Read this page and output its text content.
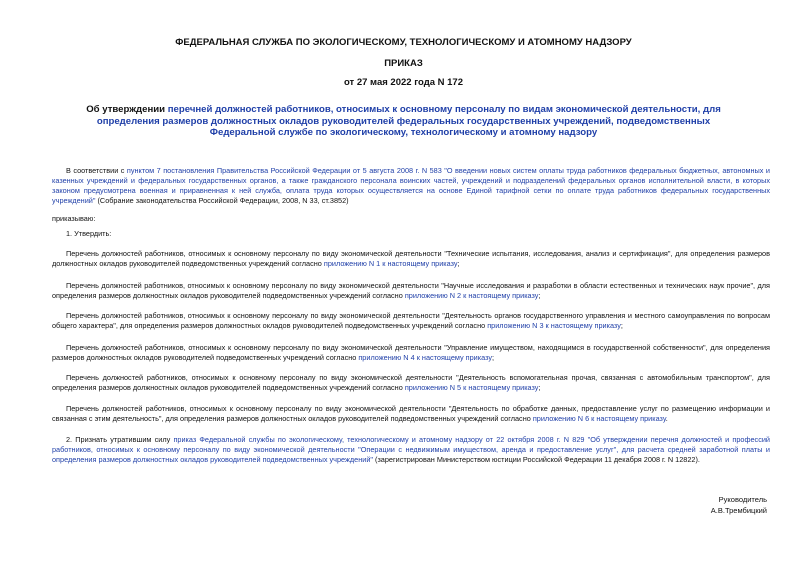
ФЕДЕРАЛЬНАЯ СЛУЖБА ПО ЭКОЛОГИЧЕСКОМУ, ТЕХНОЛОГИЧЕСКОМУ И АТОМНОМУ НАДЗОРУ
ПРИКАЗ
от 27 мая 2022 года N 172
Об утверждении перечней должностей работников, относимых к основному персоналу по видам экономической деятельности, для определения размеров должностных окладов руководителей федеральных государственных учреждений, подведомственных Федеральной службе по экологическому, технологическому и атомному надзору

В соответствии с пунктом 7 постановления Правительства Российской Федерации от 5 августа 2008 г. N 583 "О введении новых систем оплаты труда работников федеральных бюджетных, автономных и казенных учреждений и федеральных государственных органов, а также гражданского персонала воинских частей, учреждений и подразделений федеральных органов исполнительной власти, в которых законом предусмотрена военная и приравненная к ней служба, оплата труда которых осуществляется на основе Единой тарифной сетки по оплате труда работников федеральных государственных учреждений" (Собрание законодательства Российской Федерации, 2008, N 33, ст.3852)

приказываю:

1. Утвердить:

Перечень должностей работников, относимых к основному персоналу по виду экономической деятельности "Технические испытания, исследования, анализ и сертификация", для определения размеров должностных окладов руководителей подведомственных учреждений согласно приложению N 1 к настоящему приказу;

Перечень должностей работников, относимых к основному персоналу по виду экономической деятельности "Научные исследования и разработки в области естественных и технических наук прочие", для определения размеров должностных окладов руководителей подведомственных учреждений согласно приложению N 2 к настоящему приказу;

Перечень должностей работников, относимых к основному персоналу по виду экономической деятельности "Деятельность органов государственного управления и местного самоуправления по вопросам общего характера", для определения размеров должностных окладов руководителей подведомственных учреждений согласно приложению N 3 к настоящему приказу;

Перечень должностей работников, относимых к основному персоналу по виду экономической деятельности "Управление имуществом, находящимся в государственной собственности", для определения размеров должностных окладов руководителей подведомственных учреждений согласно приложению N 4 к настоящему приказу;

Перечень должностей работников, относимых к основному персоналу по виду экономической деятельности "Деятельность вспомогательная прочая, связанная с автомобильным транспортом", для определения размеров должностных окладов руководителей подведомственных учреждений согласно приложению N 5 к настоящему приказу;

Перечень должностей работников, относимых к основному персоналу по виду экономической деятельности "Деятельность по обработке данных, предоставление услуг по размещению информации и связанная с этим деятельность", для определения размеров должностных окладов руководителей подведомственных учреждений согласно приложению N 6 к настоящему приказу.

2. Признать утратившим силу приказ Федеральной службы по экологическому, технологическому и атомному надзору от 22 октября 2008 г. N 829 "Об утверждении перечня должностей и профессий работников, относимых к основному персоналу по виду экономической деятельности "Операции с недвижимым имуществом, аренда и предоставление услуг", для расчета средней заработной платы и определения размеров должностных окладов руководителей подведомственных учреждений" (зарегистрирован Министерством юстиции Российской Федерации 11 декабря 2008 г. N 12822).

Руководитель
А.В.Трембицкий
